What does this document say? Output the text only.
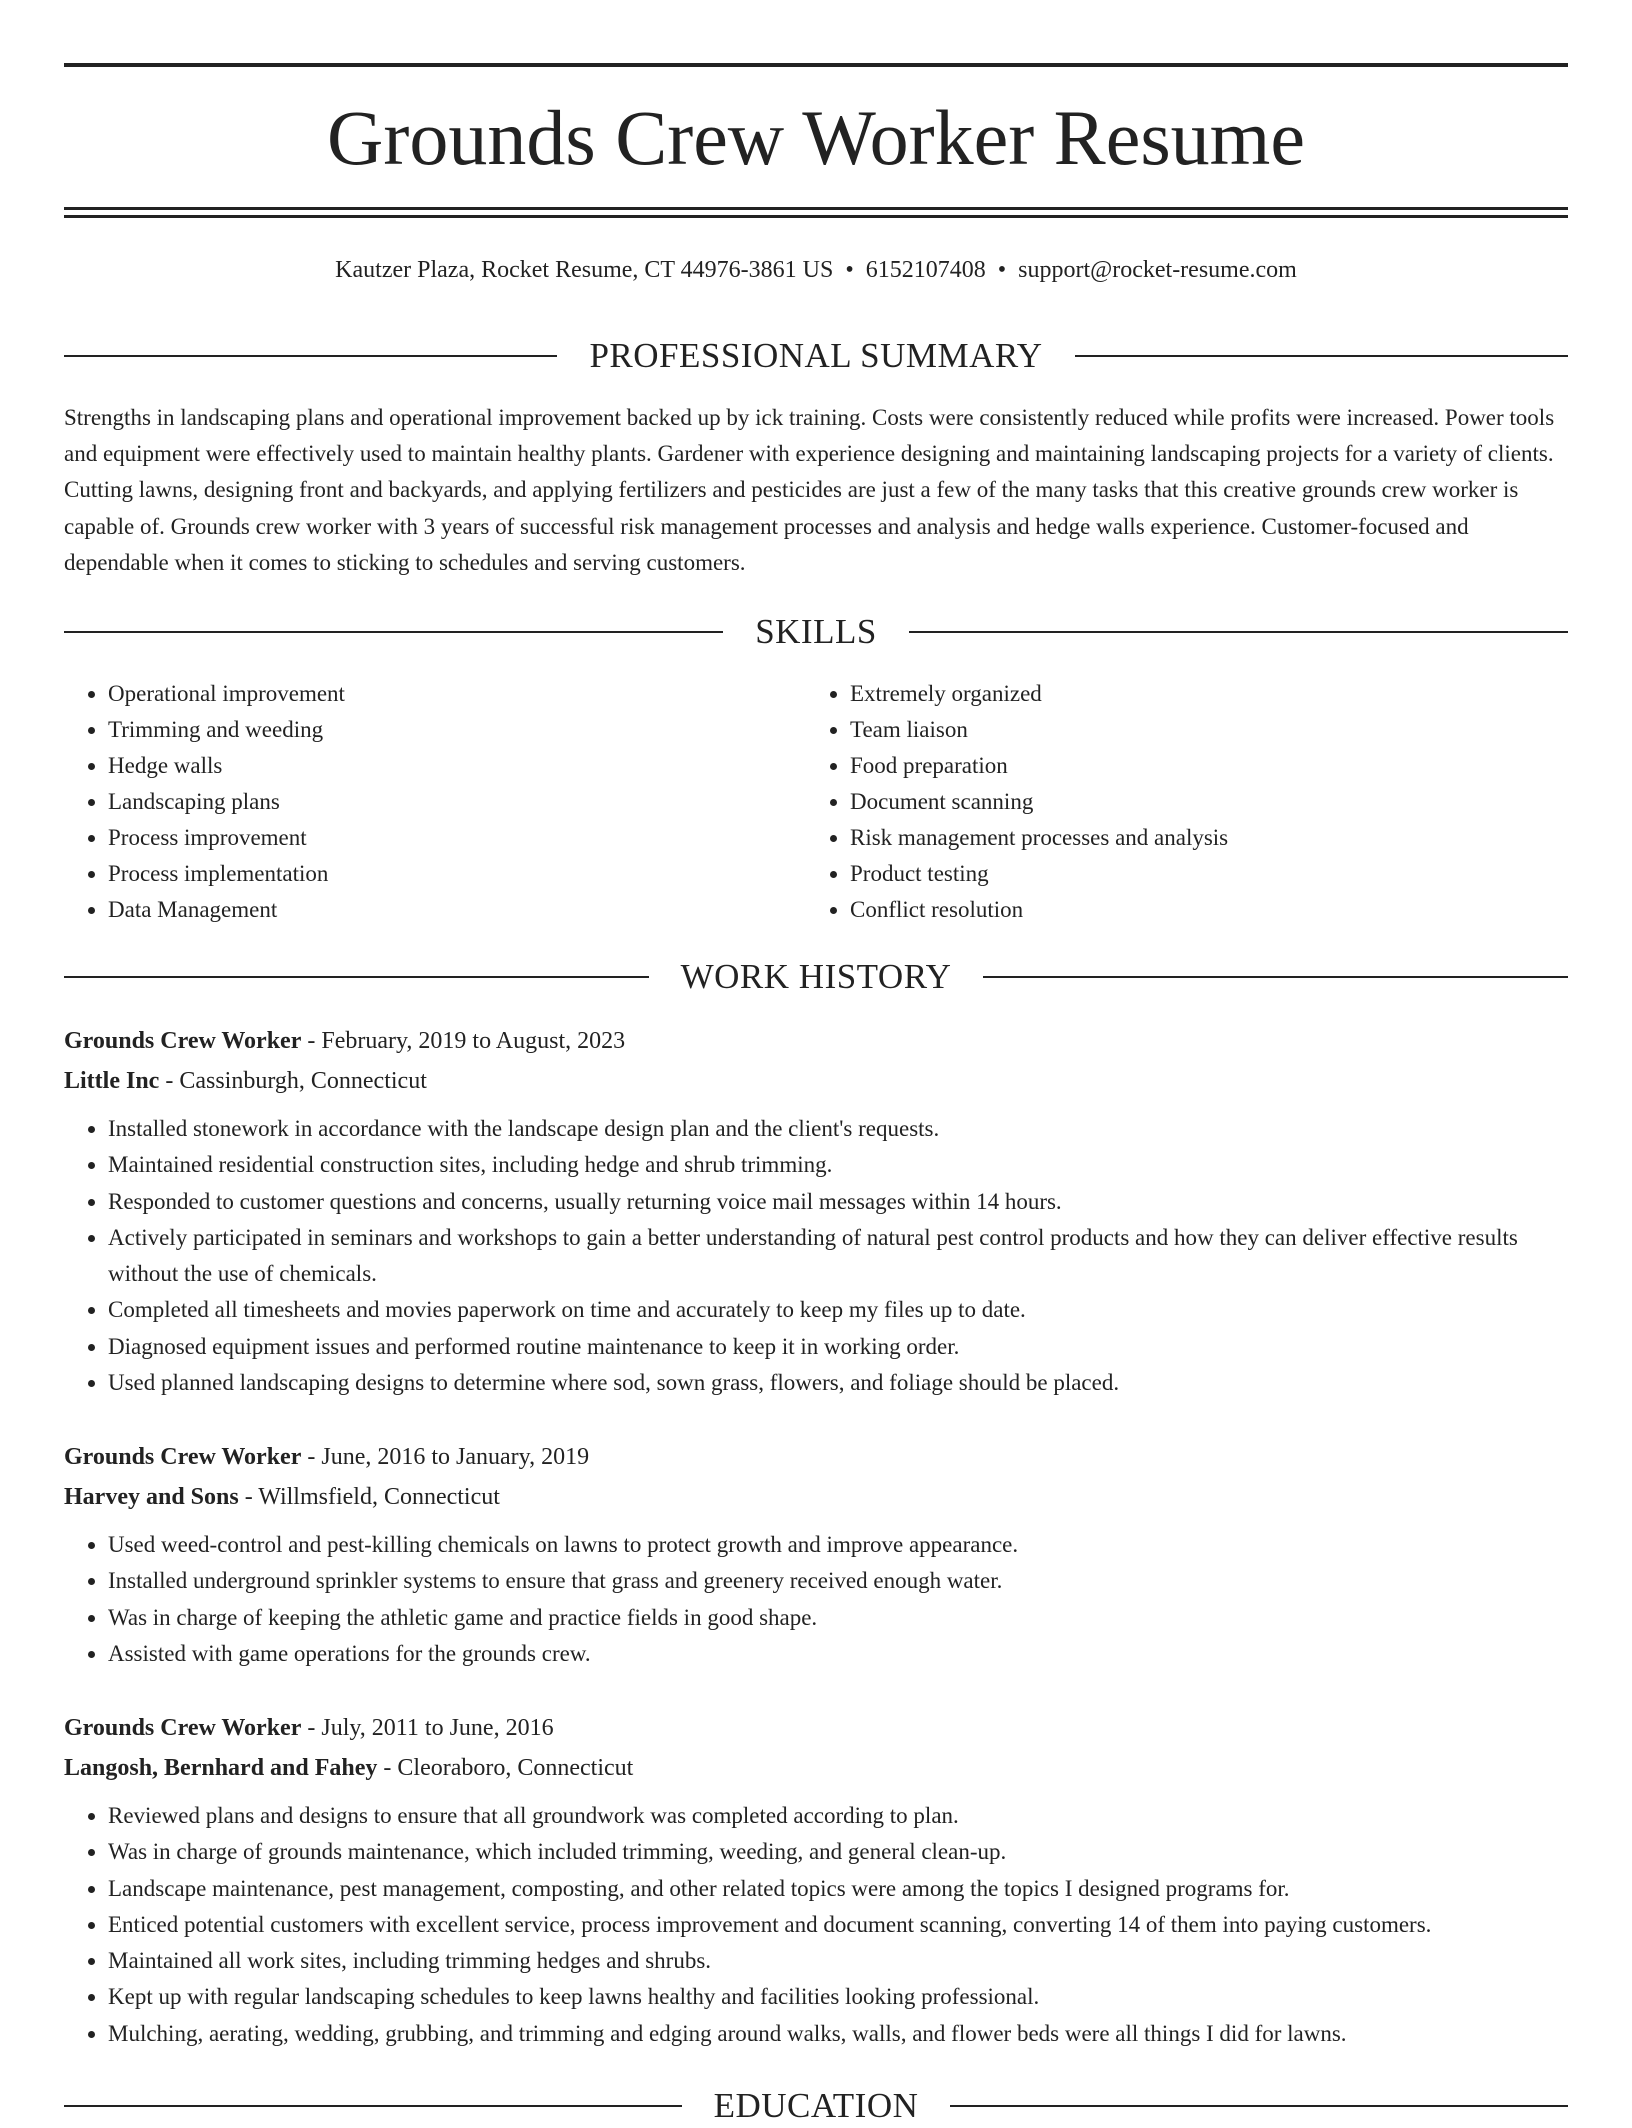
Grounds Crew Worker Resume
Kautzer Plaza, Rocket Resume, CT 44976-3861 US • 6152107408 • support@rocket-resume.com
PROFESSIONAL SUMMARY

Strengths in landscaping plans and operational improvement backed up by ick training. Costs were consistently reduced while profits were increased. Power tools and equipment were effectively used to maintain healthy plants. Gardener with experience designing and maintaining landscaping projects for a variety of clients. Cutting lawns, designing front and backyards, and applying fertilizers and pesticides are just a few of the many tasks that this creative grounds crew worker is capable of. Grounds crew worker with 3 years of successful risk management processes and analysis and hedge walls experience. Customer-focused and dependable when it comes to sticking to schedules and serving customers.

SKILLS
• Operational improvement
• Trimming and weeding
• Hedge walls
• Landscaping plans
• Process improvement
• Process implementation
• Data Management
• Extremely organized
• Team liaison
• Food preparation
• Document scanning
• Risk management processes and analysis
• Product testing
• Conflict resolution
WORK HISTORY
Grounds Crew Worker - February, 2019 to August, 2023
Little Inc - Cassinburgh, Connecticut
• Installed stonework in accordance with the landscape design plan and the client's requests.
• Maintained residential construction sites, including hedge and shrub trimming.
• Responded to customer questions and concerns, usually returning voice mail messages within 14 hours.
• Actively participated in seminars and workshops to gain a better understanding of natural pest control products and how they can deliver effective results without the use of chemicals.
• Completed all timesheets and movies paperwork on time and accurately to keep my files up to date.
• Diagnosed equipment issues and performed routine maintenance to keep it in working order.
• Used planned landscaping designs to determine where sod, sown grass, flowers, and foliage should be placed.
Grounds Crew Worker - June, 2016 to January, 2019
Harvey and Sons - Willmsfield, Connecticut
• Used weed-control and pest-killing chemicals on lawns to protect growth and improve appearance.
• Installed underground sprinkler systems to ensure that grass and greenery received enough water.
• Was in charge of keeping the athletic game and practice fields in good shape.
• Assisted with game operations for the grounds crew.
Grounds Crew Worker - July, 2011 to June, 2016
Langosh, Bernhard and Fahey - Cleoraboro, Connecticut
• Reviewed plans and designs to ensure that all groundwork was completed according to plan.
• Was in charge of grounds maintenance, which included trimming, weeding, and general clean-up.
• Landscape maintenance, pest management, composting, and other related topics were among the topics I designed programs for.
• Enticed potential customers with excellent service, process improvement and document scanning, converting 14 of them into paying customers.
• Maintained all work sites, including trimming hedges and shrubs.
• Kept up with regular landscaping schedules to keep lawns healthy and facilities looking professional.
• Mulching, aerating, wedding, grubbing, and trimming and edging around walks, walls, and flower beds were all things I did for lawns.
EDUCATION
